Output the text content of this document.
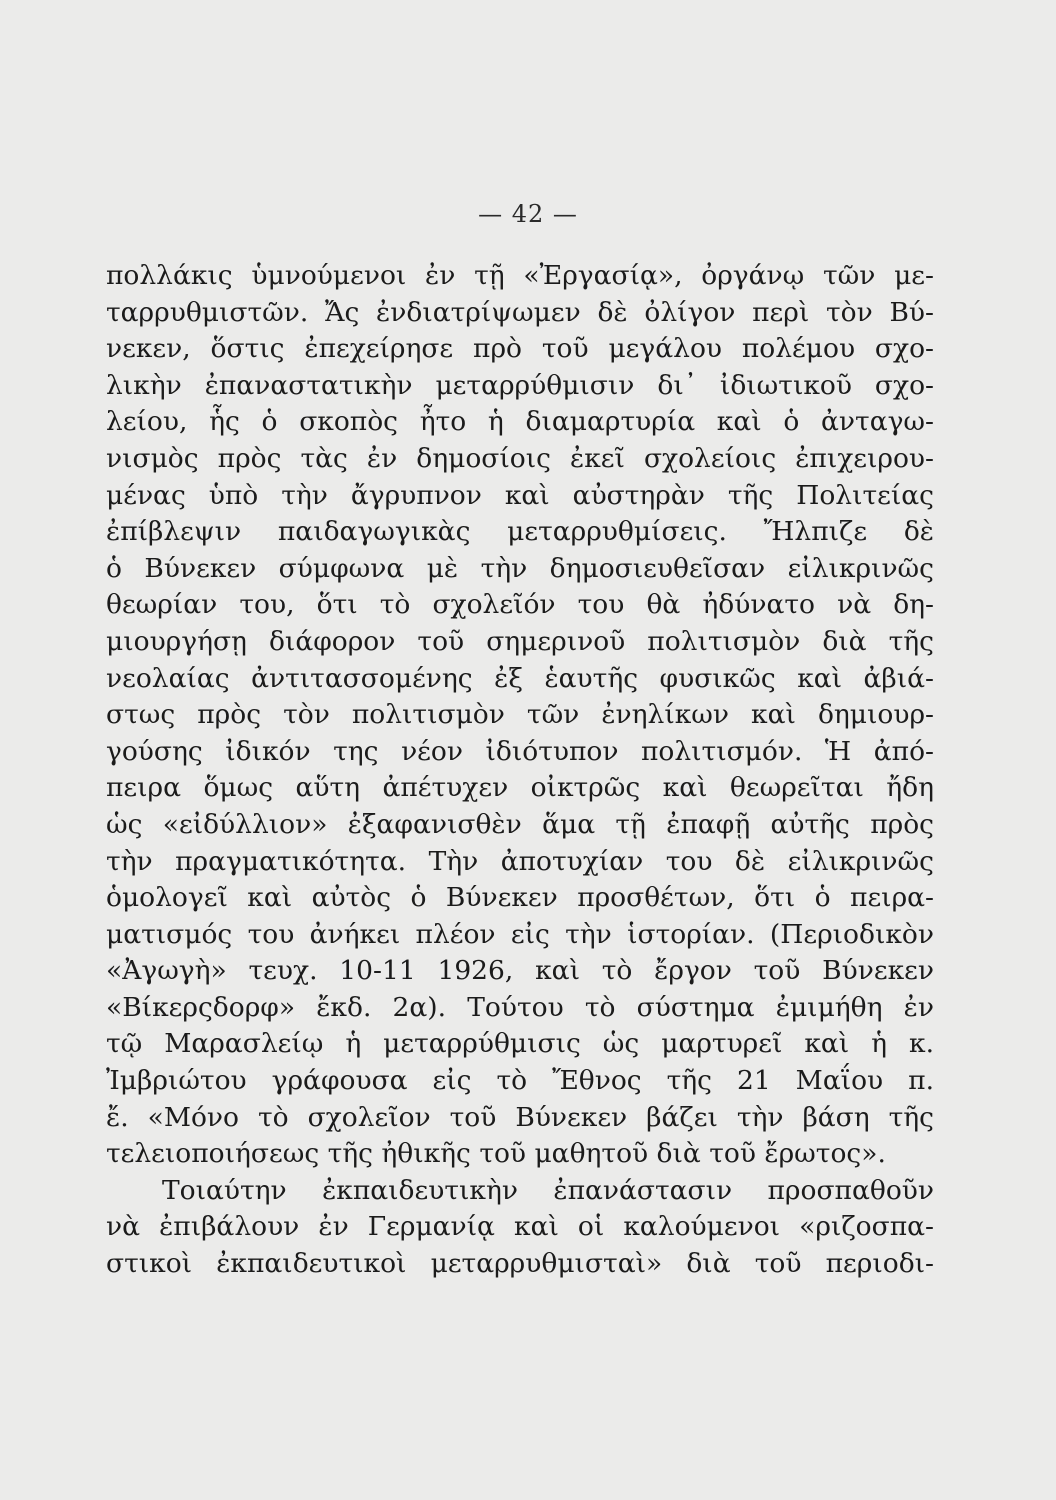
— 42 —
πολλάκις ὑμνούμενοι ἐν τῇ «Ἐργασίᾳ», ὀργάνῳ τῶν με-
ταρρυθμιστῶν. Ἄς ἐνδιατρίψωμεν δὲ ὀλίγον περὶ τὸν Βύ-
νεκεν, ὅστις ἐπεχείρησε πρὸ τοῦ μεγάλου πολέμου σχο-
λικὴν ἐπαναστατικὴν μεταρρύθμισιν δι᾽ ἰδιωτικοῦ σχο-
λείου, ἧς ὁ σκοπὸς ἦτο ἡ διαμαρτυρία καὶ ὁ ἀνταγω-
νισμὸς πρὸς τὰς ἐν δημοσίοις ἐκεῖ σχολείοις ἐπιχειρου-
μένας ὑπὸ τὴν ἄγρυπνον καὶ αὐστηρὰν τῆς Πολιτείας
ἐπίβλεψιν παιδαγωγικὰς μεταρρυθμίσεις. Ἤλπιζε δὲ
ὁ Βύνεκεν σύμφωνα μὲ τὴν δημοσιευθεῖσαν εἰλικρινῶς
θεωρίαν του, ὅτι τὸ σχολεῖόν του θὰ ἠδύνατο νὰ δη-
μιουργήσῃ διάφορον τοῦ σημερινοῦ πολιτισμὸν διὰ τῆς
νεολαίας ἀντιτασσομένης ἐξ ἑαυτῆς φυσικῶς καὶ ἀβιά-
στως πρὸς τὸν πολιτισμὸν τῶν ἐνηλίκων καὶ δημιουρ-
γούσης ἰδικόν της νέον ἰδιότυπον πολιτισμόν. Ἡ ἀπό-
πειρα ὅμως αὕτη ἀπέτυχεν οἰκτρῶς καὶ θεωρεῖται ἤδη
ὡς «εἰδύλλιον» ἐξαφανισθὲν ἅμα τῇ ἐπαφῇ αὐτῆς πρὸς
τὴν πραγματικότητα. Τὴν ἀποτυχίαν του δὲ εἰλικρινῶς
ὁμολογεῖ καὶ αὐτὸς ὁ Βύνεκεν προσθέτων, ὅτι ὁ πειρα-
ματισμός του ἀνήκει πλέον εἰς τὴν ἱστορίαν. (Περιοδικὸν
«Ἀγωγὴ» τευχ. 10-11 1926, καὶ τὸ ἔργον τοῦ Βύνεκεν
«Βίκερςδορφ» ἔκδ. 2α). Τούτου τὸ σύστημα ἐμιμήθη ἐν
τῷ Μαρασλείῳ ἡ μεταρρύθμισις ὡς μαρτυρεῖ καὶ ἡ κ.
Ἰμβριώτου γράφουσα εἰς τὸ Ἔθνος τῆς 21 Μαΐου π.
ἔ. «Μόνο τὸ σχολεῖον τοῦ Βύνεκεν βάζει τὴν βάση τῆς
τελειοποιήσεως τῆς ἠθικῆς τοῦ μαθητοῦ διὰ τοῦ ἔρωτος».
Τοιαύτην ἐκπαιδευτικὴν ἐπανάστασιν προσπαθοῦν
νὰ ἐπιβάλουν ἐν Γερμανίᾳ καὶ οἱ καλούμενοι «ριζοσπα-
στικοὶ ἐκπαιδευτικοὶ μεταρρυθμισταὶ» διὰ τοῦ περιοδι-
